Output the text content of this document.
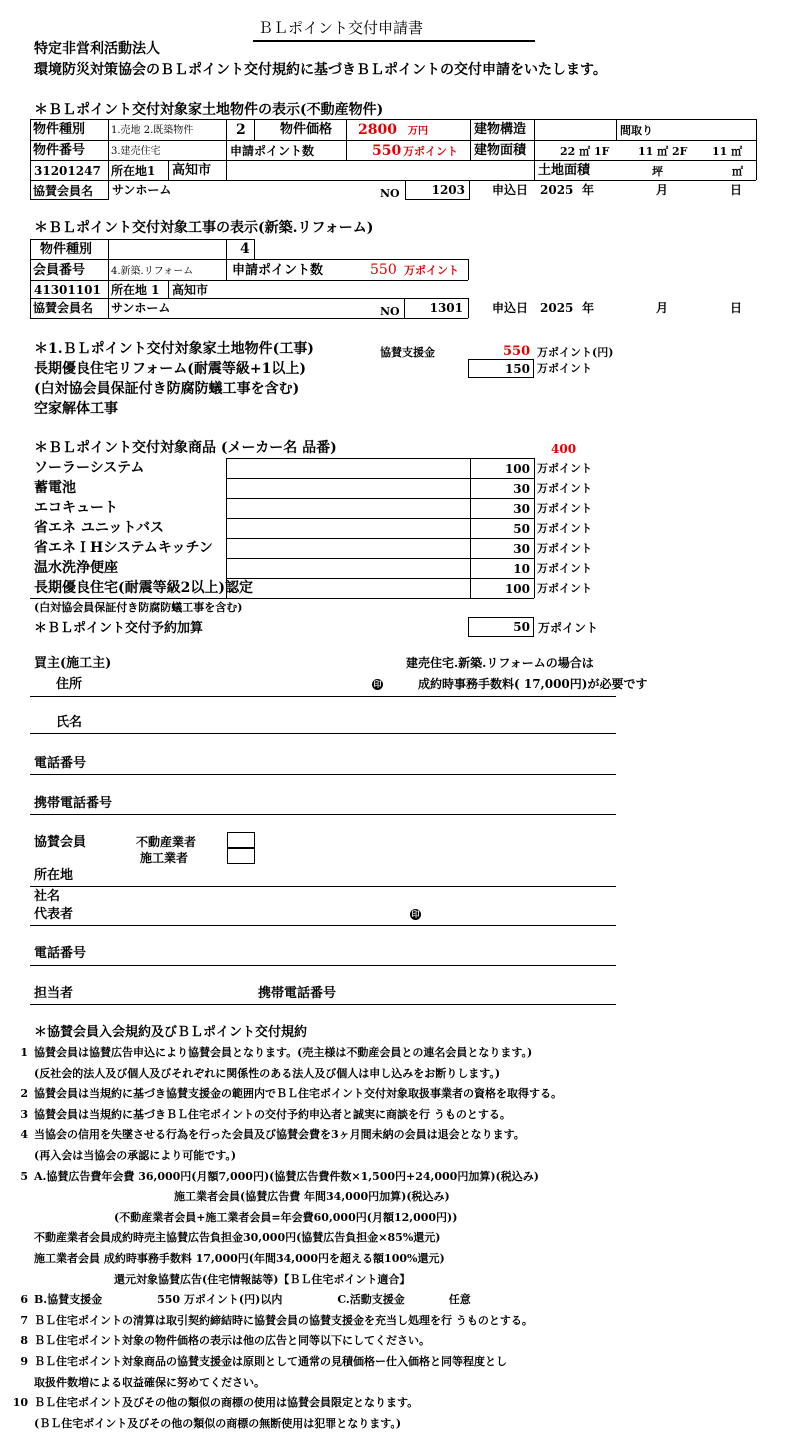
ＢＬポイント交付申請書
特定非営利活動法人
環境防災対策協会のＢＬポイント交付規約に基づきＢＬポイントの交付申請をいたします。
＊ＢＬポイント交付対象家土地物件の表示(不動産物件)
物件種別	1.売地 2.既築物件	2	物件価格 2800 万円	建物構造	間取り
物件番号	3.建売住宅	申請ポイント数	550 万ポイント 建物面積	22 ㎡ 1F	11 ㎡ 2F 11 ㎡
31201247 所在地1 高知市	土地面積	坪	㎡
協賛会員名 サンホーム	NO	1203 申込日 2025 年	月	日
＊ＢＬポイント交付対象工事の表示(新築.リフォーム)
物件種別	4
会員番号	4.新築.リフォーム	申請ポイント数	550 万ポイント
41301101 所在地 1 高知市
協賛会員名 サンホーム	NO	1301 申込日 2025 年	月	日
＊1.ＢＬポイント交付対象家土地物件(工事)	協賛支援金	550 万ポイント(円)
長期優良住宅リフォーム(耐震等級+1以上)	150 万ポイント
(白対協会員保証付き防腐防蟻工事を含む)
空家解体工事
＊ＢＬポイント交付対象商品 (メーカー名 品番)	400
ソーラーシステム	100 万ポイント
蓄電池	30 万ポイント
エコキュート	30 万ポイント
省エネ ユニットバス	50 万ポイント
省エネＩHシステムキッチン	30 万ポイント
温水洗浄便座	10 万ポイント
長期優良住宅(耐震等級2以上)認定	100 万ポイント
(白対協会員保証付き防腐防蟻工事を含む)
＊ＢＬポイント交付予約加算	50 万ポイント
買主(施工主)	建売住宅.新築.リフォームの場合は
住所	印	成約時事務手数料( 17,000円)が必要です
氏名
電話番号
携帯電話番号
協賛会員	不動産業者
施工業者
所在地
社名
代表者	印
電話番号
担当者	携帯電話番号
＊協賛会員入会規約及びＢＬポイント交付規約
1 協賛会員は協賛広告申込により協賛会員となります。(売主様は不動産会員との連名会員となります。)
(反社会的法人及び個人及びそれぞれに関係性のある法人及び個人は申し込みをお断りします。)
2 協賛会員は当規約に基づき協賛支援金の範囲内でＢＬ住宅ポイント交付対象取扱事業者の資格を取得する。
3 協賛会員は当規約に基づきＢＬ住宅ポイントの交付予約申込者と誠実に商談を行 うものとする。
4 当協会の信用を失墜させる行為を行った会員及び協賛会費を3ヶ月間未納の会員は退会となります。
(再入会は当協会の承認により可能です。)
5 A.協賛広告費年会費 36,000円(月額7,000円)(協賛広告費件数×1,500円+24,000円加算)(税込み)
施工業者会員(協賛広告費 年間34,000円加算)(税込み)
(不動産業者会員+施工業者会員=年会費60,000円(月額12,000円))
不動産業者会員成約時売主協賛広告負担金30,000円(協賛広告負担金×85%還元)
施工業者会員 成約時事務手数料 17,000円(年間34,000円を超える額100%還元)
還元対象協賛広告(住宅情報誌等)【ＢＬ住宅ポイント適合】
6 B.協賛支援金　　　　　550 万ポイント(円)以内　　　　　C.活動支援金　　　　任意
7 ＢＬ住宅ポイントの清算は取引契約締結時に協賛会員の協賛支援金を充当し処理を行 うものとする。
8 ＢＬ住宅ポイント対象の物件価格の表示は他の広告と同等以下にしてください。
9 ＢＬ住宅ポイント対象商品の協賛支援金は原則として通常の見積価格ー仕入価格と同等程度とし
取扱件数増による収益確保に努めてください。
10 ＢＬ住宅ポイント及びその他の類似の商標の使用は協賛会員限定となります。
(ＢＬ住宅ポイント及びその他の類似の商標の無断使用は犯罪となります。)
